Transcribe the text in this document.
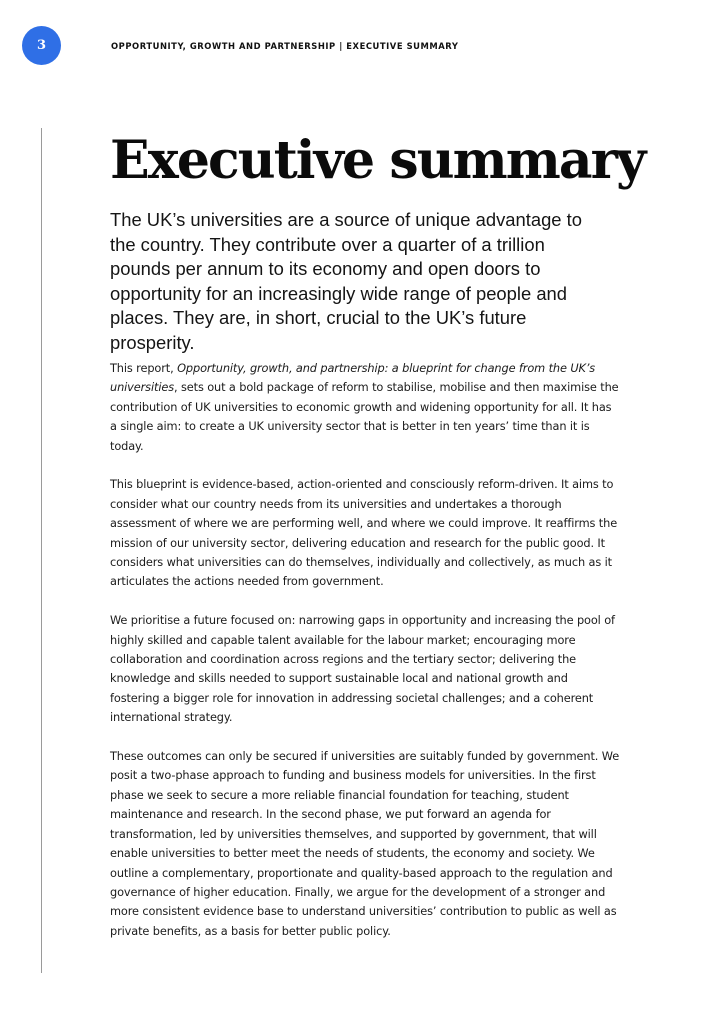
3	OPPORTUNITY, GROWTH AND PARTNERSHIP | EXECUTIVE SUMMARY
Executive summary

The UK’s universities are a source of unique advantage to the country. They contribute over a quarter of a trillion pounds per annum to its economy and open doors to opportunity for an increasingly wide range of people and places. They are, in short, crucial to the UK’s future prosperity.

This report, Opportunity, growth, and partnership: a blueprint for change from the UK’s universities, sets out a bold package of reform to stabilise, mobilise and then maximise the contribution of UK universities to economic growth and widening opportunity for all. It has a single aim: to create a UK university sector that is better in ten years’ time than it is today.

This blueprint is evidence-based, action-oriented and consciously reform-driven. It aims to consider what our country needs from its universities and undertakes a thorough assessment of where we are performing well, and where we could improve. It reaffirms the mission of our university sector, delivering education and research for the public good. It considers what universities can do themselves, individually and collectively, as much as it articulates the actions needed from government.

We prioritise a future focused on: narrowing gaps in opportunity and increasing the pool of highly skilled and capable talent available for the labour market; encouraging more collaboration and coordination across regions and the tertiary sector; delivering the knowledge and skills needed to support sustainable local and national growth and fostering a bigger role for innovation in addressing societal challenges; and a coherent international strategy.

These outcomes can only be secured if universities are suitably funded by government. We posit a two-phase approach to funding and business models for universities. In the first phase we seek to secure a more reliable financial foundation for teaching, student maintenance and research. In the second phase, we put forward an agenda for transformation, led by universities themselves, and supported by government, that will enable universities to better meet the needs of students, the economy and society. We outline a complementary, proportionate and quality-based approach to the regulation and governance of higher education. Finally, we argue for the development of a stronger and more consistent evidence base to understand universities’ contribution to public as well as private benefits, as a basis for better public policy.
